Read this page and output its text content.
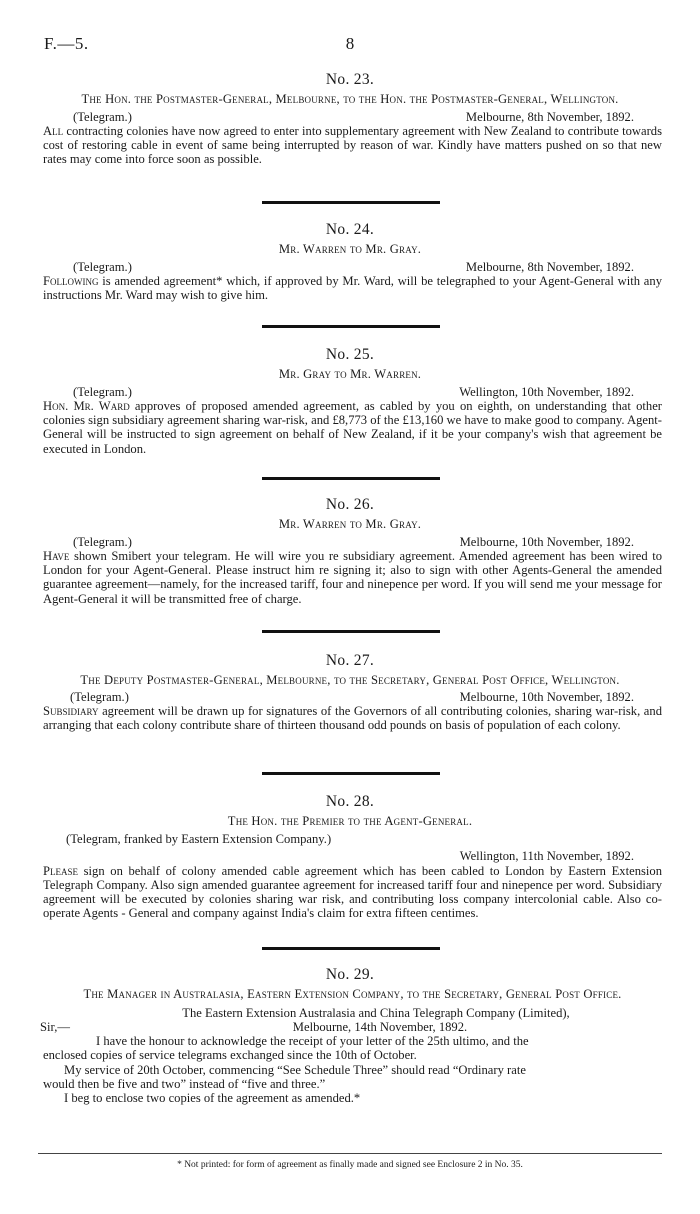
F.—5.	8
No. 23.
The Hon. the Postmaster-General, Melbourne, to the Hon. the Postmaster-General, Wellington.
(Telegram.)	Melbourne, 8th November, 1892.
All contracting colonies have now agreed to enter into supplementary agreement with New Zealand to contribute towards cost of restoring cable in event of same being interrupted by reason of war. Kindly have matters pushed on so that new rates may come into force soon as possible.
No. 24.
Mr. Warren to Mr. Gray.
(Telegram.)	Melbourne, 8th November, 1892.
Following is amended agreement* which, if approved by Mr. Ward, will be telegraphed to your Agent-General with any instructions Mr. Ward may wish to give him.
No. 25.
Mr. Gray to Mr. Warren.
(Telegram.)	Wellington, 10th November, 1892.
Hon. Mr. Ward approves of proposed amended agreement, as cabled by you on eighth, on understanding that other colonies sign subsidiary agreement sharing war-risk, and £8,773 of the £13,160 we have to make good to company. Agent-General will be instructed to sign agreement on behalf of New Zealand, if it be your company's wish that agreement be executed in London.
No. 26.
Mr. Warren to Mr. Gray.
(Telegram.)	Melbourne, 10th November, 1892.
Have shown Smibert your telegram. He will wire you re subsidiary agreement. Amended agreement has been wired to London for your Agent-General. Please instruct him re signing it; also to sign with other Agents-General the amended guarantee agreement—namely, for the increased tariff, four and ninepence per word. If you will send me your message for Agent-General it will be transmitted free of charge.
No. 27.
The Deputy Postmaster-General, Melbourne, to the Secretary, General Post Office, Wellington.
(Telegram.)	Melbourne, 10th November, 1892.
Subsidiary agreement will be drawn up for signatures of the Governors of all contributing colonies, sharing war-risk, and arranging that each colony contribute share of thirteen thousand odd pounds on basis of population of each colony.
No. 28.
The Hon. the Premier to the Agent-General.
(Telegram, franked by Eastern Extension Company.)
Wellington, 11th November, 1892.
Please sign on behalf of colony amended cable agreement which has been cabled to London by Eastern Extension Telegraph Company. Also sign amended guarantee agreement for increased tariff four and ninepence per word. Subsidiary agreement will be executed by colonies sharing war risk, and contributing loss company intercolonial cable. Also co-operate Agents - General and company against India's claim for extra fifteen centimes.
No. 29.
The Manager in Australasia, Eastern Extension Company, to the Secretary, General Post Office.
The Eastern Extension Australasia and China Telegraph Company (Limited),
Sir,—	Melbourne, 14th November, 1892.
I have the honour to acknowledge the receipt of your letter of the 25th ultimo, and the
enclosed copies of service telegrams exchanged since the 10th of October.
My service of 20th October, commencing “See Schedule Three” should read “Ordinary rate
would then be five and two” instead of “five and three.”
I beg to enclose two copies of the agreement as amended.*
* Not printed: for form of agreement as finally made and signed see Enclosure 2 in No. 35.
